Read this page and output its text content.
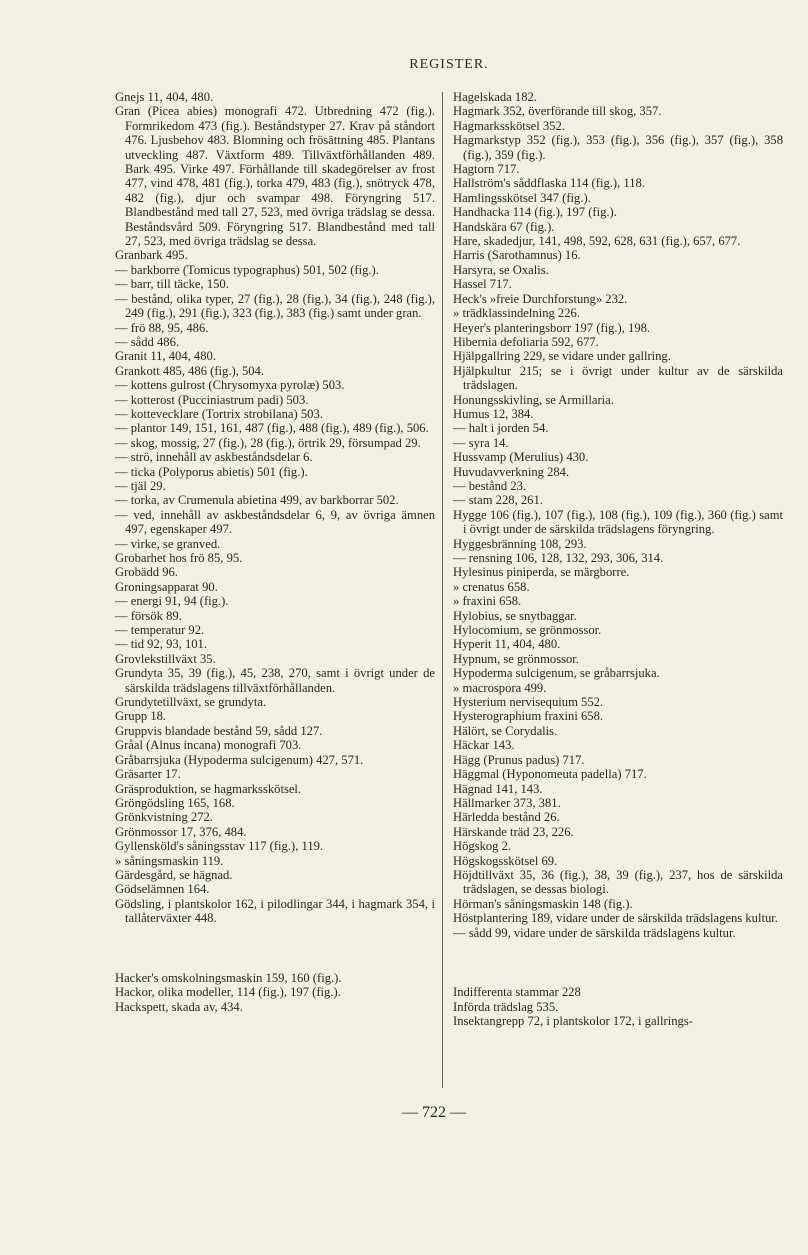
REGISTER.

Gnejs 11, 404, 480.

Gran (Picea abies) monografi 472. Utbredning 472 (fig.). Formrikedom 473 (fig.). Beståndstyper 27. Krav på ståndort 476. Ljusbehov 483. Blomning och frösättning 485. Plantans utveckling 487. Växtform 489. Tillväxtförhållanden 489. Bark 495. Virke 497. Förhållande till skadegörelser av frost 477, vind 478, 481 (fig.), torka 479, 483 (fig.), snötryck 478, 482 (fig.), djur och svampar 498. Föryngring 517. Blandbestånd med tall 27, 523, med övriga trädslag se dessa. Beståndsvård 509. Föryngring 517. Blandbestånd med tall 27, 523, med övriga trädslag se dessa.

Granbark 495.

— barkborre (Tomicus typographus) 501, 502 (fig.).

— barr, till täcke, 150.

— bestånd, olika typer, 27 (fig.), 28 (fig.), 34 (fig.), 248 (fig.), 249 (fig.), 291 (fig.), 323 (fig.), 383 (fig.) samt under gran.

— frö 88, 95, 486.

— sådd 486.

Granit 11, 404, 480.

Grankott 485, 486 (fig.), 504.

— kottens gulrost (Chrysomyxa pyrolæ) 503.

— kotterost (Pucciniastrum padi) 503.

— kottevecklare (Tortrix strobilana) 503.

— plantor 149, 151, 161, 487 (fig.), 488 (fig.), 489 (fig.), 506.

— skog, mossig, 27 (fig.), 28 (fig.), örtrik 29, försumpad 29.

— strö, innehåll av askbeståndsdelar 6.

— ticka (Polyporus abietis) 501 (fig.).

— tjäl 29.

— torka, av Crumenula abietina 499, av barkborrar 502.

— ved, innehåll av askbeståndsdelar 6, 9, av övriga ämnen 497, egenskaper 497.

— virke, se granved.

Grobarhet hos frö 85, 95.

Grobädd 96.

Groningsapparat 90.

— energi 91, 94 (fig.).

— försök 89.

— temperatur 92.

— tid 92, 93, 101.

Grovlekstillväxt 35.

Grundyta 35, 39 (fig.), 45, 238, 270, samt i övrigt under de särskilda trädslagens tillväxtförhållanden.

Grundytetillväxt, se grundyta.

Grupp 18.

Gruppvis blandade bestånd 59, sådd 127.

Gråal (Alnus incana) monografi 703.

Gråbarrsjuka (Hypoderma sulcigenum) 427, 571.

Gräsarter 17.

Gräsproduktion, se hagmarksskötsel.

Gröngödsling 165, 168.

Grönkvistning 272.

Grönmossor 17, 376, 484.

Gyllensköld's såningsstav 117 (fig.), 119.

» såningsmaskin 119.

Gärdesgård, se hägnad.

Gödselämnen 164.

Gödsling, i plantskolor 162, i pilodlingar 344, i hagmark 354, i tallåterväxter 448.

Hacker's omskolningsmaskin 159, 160 (fig.).

Hackor, olika modeller, 114 (fig.), 197 (fig.).

Hackspett, skada av, 434.

Hagelskada 182.

Hagmark 352, överförande till skog, 357.

Hagmarksskötsel 352.

Hagmarkstyp 352 (fig.), 353 (fig.), 356 (fig.), 357 (fig.), 358 (fig.), 359 (fig.).

Hagtorn 717.

Hallström's såddflaska 114 (fig.), 118.

Hamlingsskötsel 347 (fig.).

Handhacka 114 (fig.), 197 (fig.).

Handskära 67 (fig.).

Hare, skadedjur, 141, 498, 592, 628, 631 (fig.), 657, 677.

Harris (Sarothamnus) 16.

Harsyra, se Oxalis.

Hassel 717.

Heck's »freie Durchforstung» 232.

» trädklassindelning 226.

Heyer's planteringsborr 197 (fig.), 198.

Hibernia defoliaria 592, 677.

Hjälpgallring 229, se vidare under gallring.

Hjälpkultur 215; se i övrigt under kultur av de särskilda trädslagen.

Honungsskivling, se Armillaria.

Humus 12, 384.

— halt i jorden 54.

— syra 14.

Hussvamp (Merulius) 430.

Huvudavverkning 284.

— bestånd 23.

— stam 228, 261.

Hygge 106 (fig.), 107 (fig.), 108 (fig.), 109 (fig.), 360 (fig.) samt i övrigt under de särskilda trädslagens föryngring.

Hyggesbränning 108, 293.

— rensning 106, 128, 132, 293, 306, 314.

Hylesinus piniperda, se märgborre.

» crenatus 658.

» fraxini 658.

Hylobius, se snytbaggar.

Hylocomium, se grönmossor.

Hyperit 11, 404, 480.

Hypnum, se grönmossor.

Hypoderma sulcigenum, se gråbarrsjuka.

» macrospora 499.

Hysterium nervisequium 552.

Hysterographium fraxini 658.

Hälört, se Corydalis.

Häckar 143.

Hägg (Prunus padus) 717.

Häggmal (Hyponomeuta padella) 717.

Hägnad 141, 143.

Hällmarker 373, 381.

Härledda bestånd 26.

Härskande träd 23, 226.

Högskog 2.

Högskogsskötsel 69.

Höjdtillväxt 35, 36 (fig.), 38, 39 (fig.), 237, hos de särskilda trädslagen, se dessas biologi.

Hörman's såningsmaskin 148 (fig.).

Höstplantering 189, vidare under de särskilda trädslagens kultur.

— sådd 99, vidare under de särskilda trädslagens kultur.

Indifferenta stammar 228

Införda trädslag 535.

Insektangrepp 72, i plantskolor 172, i gallrings-

— 722 —
